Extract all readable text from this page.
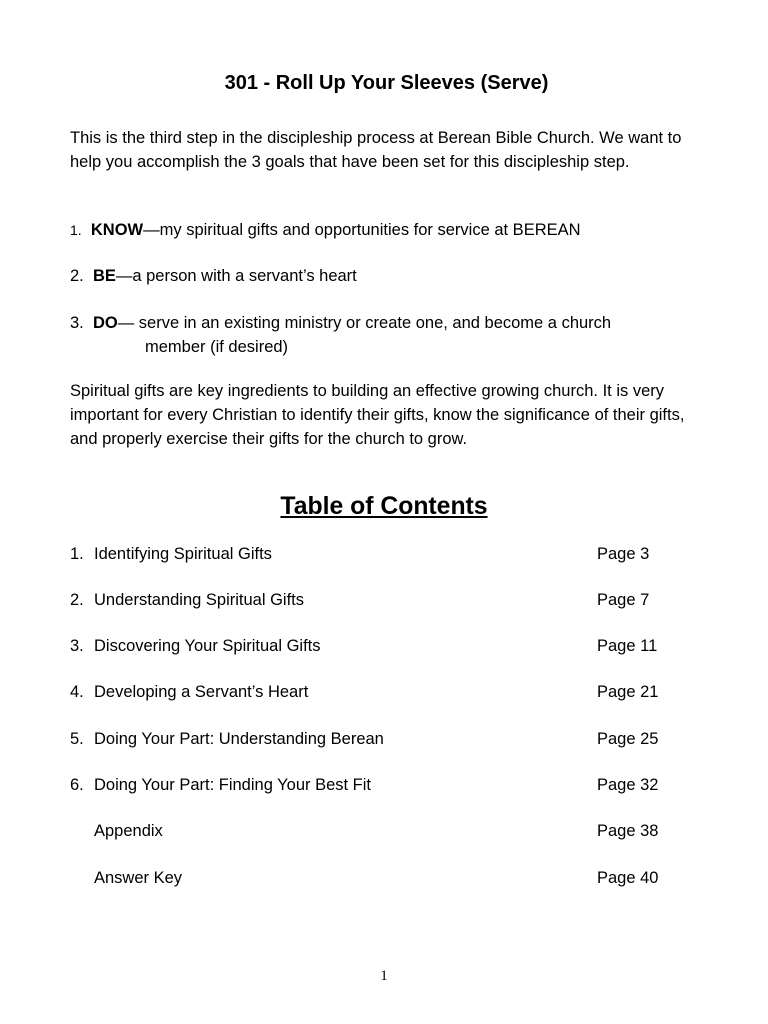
301 - Roll Up Your Sleeves (Serve)

This is the third step in the discipleship process at Berean Bible Church. We want to help you accomplish the 3 goals that have been set for this discipleship step.

1. KNOW—my spiritual gifts and opportunities for service at BEREAN

2. BE—a person with a servant’s heart

3. DO— serve in an existing ministry or create one, and become a church

member (if desired)

Spiritual gifts are key ingredients to building an effective growing church. It is very important for every Christian to identify their gifts, know the significance of their gifts, and properly exercise their gifts for the church to grow.

Table of Contents
1. Identifying Spiritual Gifts	Page 3
2. Understanding Spiritual Gifts	Page 7
3. Discovering Your Spiritual Gifts	Page 11
4. Developing a Servant’s Heart	Page 21
5. Doing Your Part: Understanding Berean	Page 25
6. Doing Your Part: Finding Your Best Fit	Page 32
Appendix	Page 38
Answer Key	Page 40

1
